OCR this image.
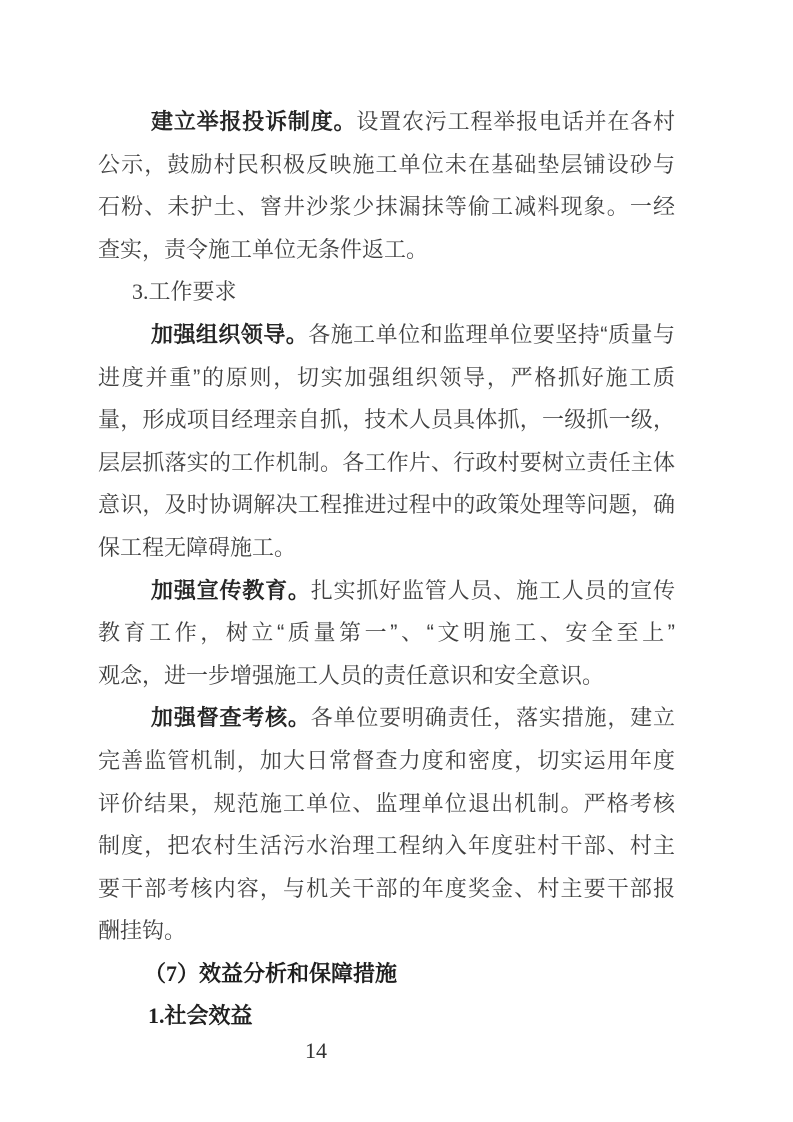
建立举报投诉制度。设置农污工程举报电话并在各村
公示，鼓励村民积极反映施工单位未在基础垫层铺设砂与
石粉、未护土、窨井沙浆少抹漏抹等偷工减料现象。一经
查实，责令施工单位无条件返工。
3.工作要求
加强组织领导。各施工单位和监理单位要坚持“质量与
进度并重”的原则，切实加强组织领导，严格抓好施工质
量，形成项目经理亲自抓，技术人员具体抓，一级抓一级，
层层抓落实的工作机制。各工作片、行政村要树立责任主体
意识，及时协调解决工程推进过程中的政策处理等问题，确
保工程无障碍施工。
加强宣传教育。扎实抓好监管人员、施工人员的宣传
教育工作，树立“质量第一”、“文明施工、安全至上”
观念，进一步增强施工人员的责任意识和安全意识。
加强督查考核。各单位要明确责任，落实措施，建立
完善监管机制，加大日常督查力度和密度，切实运用年度
评价结果，规范施工单位、监理单位退出机制。严格考核
制度，把农村生活污水治理工程纳入年度驻村干部、村主
要干部考核内容，与机关干部的年度奖金、村主要干部报
酬挂钩。
（7）效益分析和保障措施
1.社会效益
14
